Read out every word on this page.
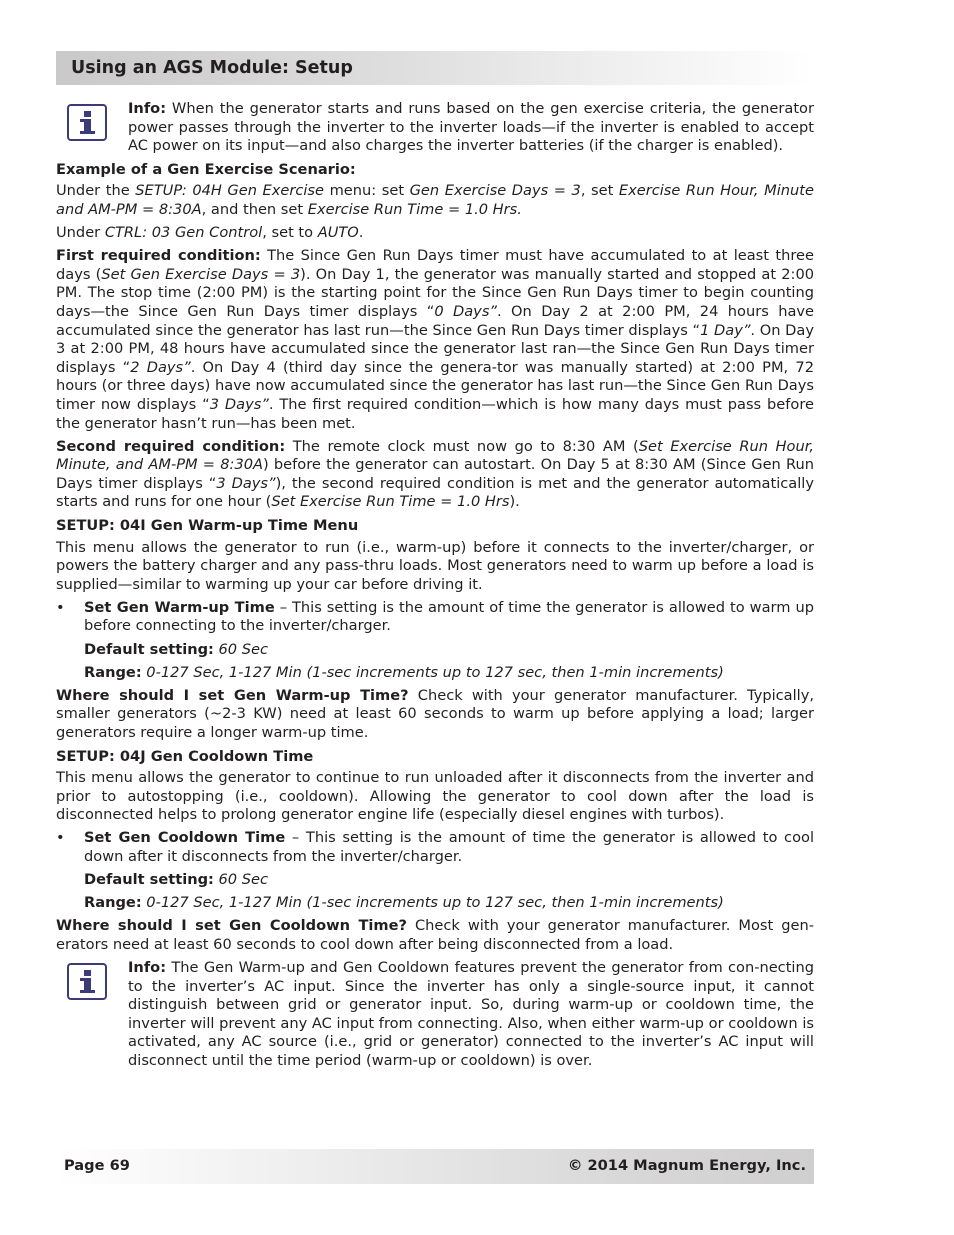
Using an AGS Module: Setup

Info: When the generator starts and runs based on the gen exercise criteria, the generator power passes through the inverter to the inverter loads—if the inverter is enabled to accept AC power on its input—and also charges the inverter batteries (if the charger is enabled).

Example of a Gen Exercise Scenario:

Under the SETUP: 04H Gen Exercise menu: set Gen Exercise Days = 3, set Exercise Run Hour, Minute and AM-PM = 8:30A, and then set Exercise Run Time = 1.0 Hrs.

Under CTRL: 03 Gen Control, set to AUTO.

First required condition: The Since Gen Run Days timer must have accumulated to at least three days (Set Gen Exercise Days = 3). On Day 1, the generator was manually started and stopped at 2:00 PM. The stop time (2:00 PM) is the starting point for the Since Gen Run Days timer to begin counting days—the Since Gen Run Days timer displays “0 Days”. On Day 2 at 2:00 PM, 24 hours have accumulated since the generator has last run—the Since Gen Run Days timer displays “1 Day”. On Day 3 at 2:00 PM, 48 hours have accumulated since the generator last ran—the Since Gen Run Days timer displays “2 Days”. On Day 4 (third day since the genera-tor was manually started) at 2:00 PM, 72 hours (or three days) have now accumulated since the generator has last run—the Since Gen Run Days timer now displays “3 Days”. The first required condition—which is how many days must pass before the generator hasn’t run—has been met.

Second required condition: The remote clock must now go to 8:30 AM (Set Exercise Run Hour, Minute, and AM-PM = 8:30A) before the generator can autostart. On Day 5 at 8:30 AM (Since Gen Run Days timer displays “3 Days”), the second required condition is met and the generator automatically starts and runs for one hour (Set Exercise Run Time = 1.0 Hrs).

SETUP: 04I Gen Warm-up Time Menu

This menu allows the generator to run (i.e., warm-up) before it connects to the inverter/charger, or powers the battery charger and any pass-thru loads. Most generators need to warm up before a load is supplied—similar to warming up your car before driving it.

• Set Gen Warm-up Time – This setting is the amount of time the generator is allowed to warm up before connecting to the inverter/charger.

Default setting: 60 Sec

Range: 0-127 Sec, 1-127 Min (1-sec increments up to 127 sec, then 1-min increments)

Where should I set Gen Warm-up Time? Check with your generator manufacturer. Typically, smaller generators (~2-3 KW) need at least 60 seconds to warm up before applying a load; larger generators require a longer warm-up time.

SETUP: 04J Gen Cooldown Time

This menu allows the generator to continue to run unloaded after it disconnects from the inverter and prior to autostopping (i.e., cooldown). Allowing the generator to cool down after the load is disconnected helps to prolong generator engine life (especially diesel engines with turbos).

• Set Gen Cooldown Time – This setting is the amount of time the generator is allowed to cool down after it disconnects from the inverter/charger.

Default setting: 60 Sec

Range: 0-127 Sec, 1-127 Min (1-sec increments up to 127 sec, then 1-min increments)

Where should I set Gen Cooldown Time? Check with your generator manufacturer. Most gen-erators need at least 60 seconds to cool down after being disconnected from a load.

Info: The Gen Warm-up and Gen Cooldown features prevent the generator from con-necting to the inverter’s AC input. Since the inverter has only a single-source input, it cannot distinguish between grid or generator input. So, during warm-up or cooldown time, the inverter will prevent any AC input from connecting. Also, when either warm-up or cooldown is activated, any AC source (i.e., grid or generator) connected to the inverter’s AC input will disconnect until the time period (warm-up or cooldown) is over.

Page 69	© 2014 Magnum Energy, Inc.
